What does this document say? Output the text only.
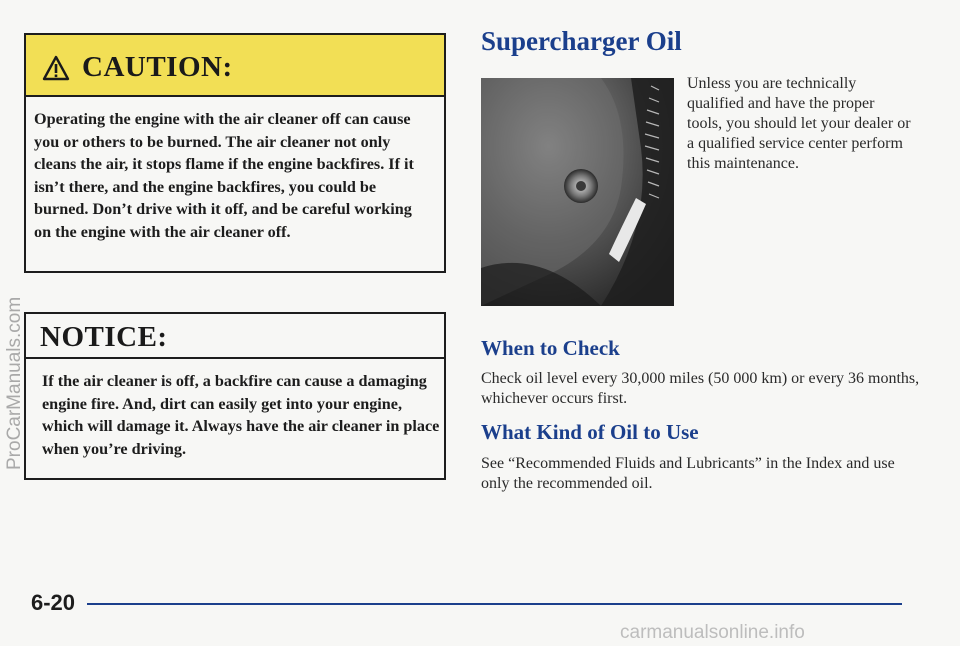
CAUTION:
Operating the engine with the air cleaner off can cause you or others to be burned. The air cleaner not only cleans the air, it stops flame if the engine backfires. If it isn’t there, and the engine backfires, you could be burned. Don’t drive with it off, and be careful working on the engine with the air cleaner off.
NOTICE:
If the air cleaner is off, a backfire can cause a damaging engine fire. And, dirt can easily get into your engine, which will damage it. Always have the air cleaner in place when you’re driving.
Supercharger Oil
Unless you are technically qualified and have the proper tools, you should let your dealer or a qualified service center perform this maintenance.
When to Check
Check oil level every 30,000 miles (50 000 km) or every 36 months, whichever occurs first.
What Kind of Oil to Use
See “Recommended Fluids and Lubricants” in the Index and use only the recommended oil.
6-20
ProCarManuals.com
carmanualsonline.info
